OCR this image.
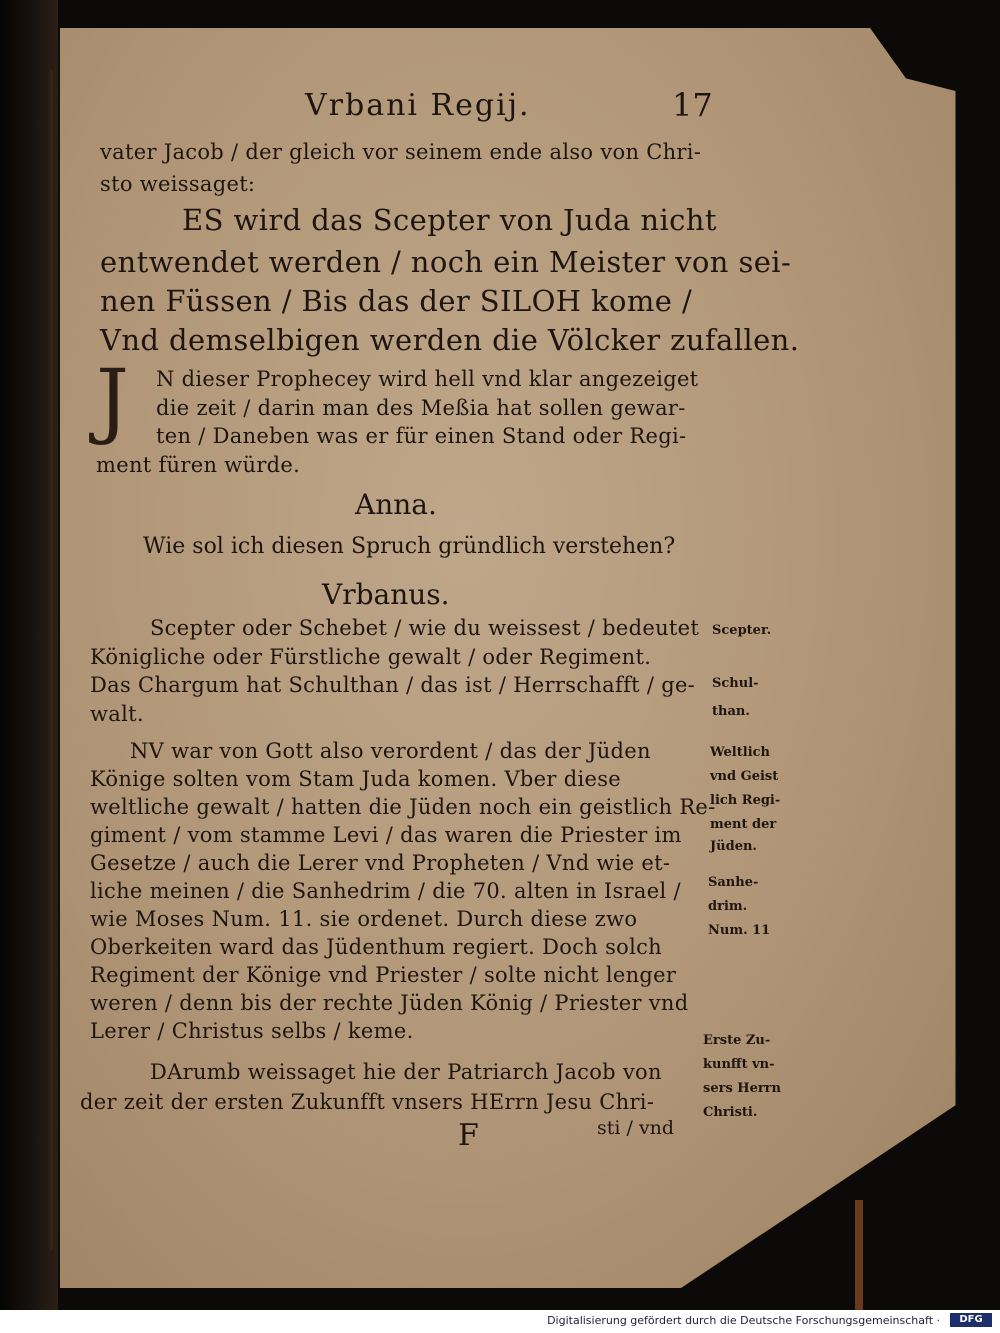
Vrbani Regij.	17
vater Jacob / der gleich vor seinem ende also von Chri-
sto weissaget:
ES wird das Scepter von Juda nicht
entwendet werden / noch ein Meister von sei-
nen Füssen / Bis das der SILOH kome /
Vnd demselbigen werden die Völcker zufallen.
J N dieser Prophecey wird hell vnd klar angezeiget
die zeit / darin man des Meßia hat sollen gewar-
ten / Daneben was er für einen Stand oder Regi-
ment füren würde.
Anna.
Wie sol ich diesen Spruch gründlich verstehen?
Vrbanus.
Scepter oder Schebet / wie du weissest / bedeutet
Königliche oder Fürstliche gewalt / oder Regiment.
Das Chargum hat Schulthan / das ist / Herrschafft / ge-
walt.
NV war von Gott also verordent / das der Jüden
Könige solten vom Stam Juda komen. Vber diese
weltliche gewalt / hatten die Jüden noch ein geistlich Re-
giment / vom stamme Levi / das waren die Priester im
Gesetze / auch die Lerer vnd Propheten / Vnd wie et-
liche meinen / die Sanhedrim / die 70. alten in Israel /
wie Moses Num. 11. sie ordenet. Durch diese zwo
Oberkeiten ward das Jüdenthum regiert. Doch solch
Regiment der Könige vnd Priester / solte nicht lenger
weren / denn bis der rechte Jüden König / Priester vnd
Lerer / Christus selbs / keme.
DArumb weissaget hie der Patriarch Jacob von
der zeit der ersten Zukunfft vnsers HErrn Jesu Chri-
F	sti / vnd
Scepter.
Schul-
than.
Weltlich
vnd Geist
lich Regi-
ment der
Jüden.
Sanhe-
drim.
Num. 11
Erste Zu-
kunfft vn-
sers Herrn
Christi.
Digitalisierung gefördert durch die Deutsche Forschungsgemeinschaft ·	DFG
